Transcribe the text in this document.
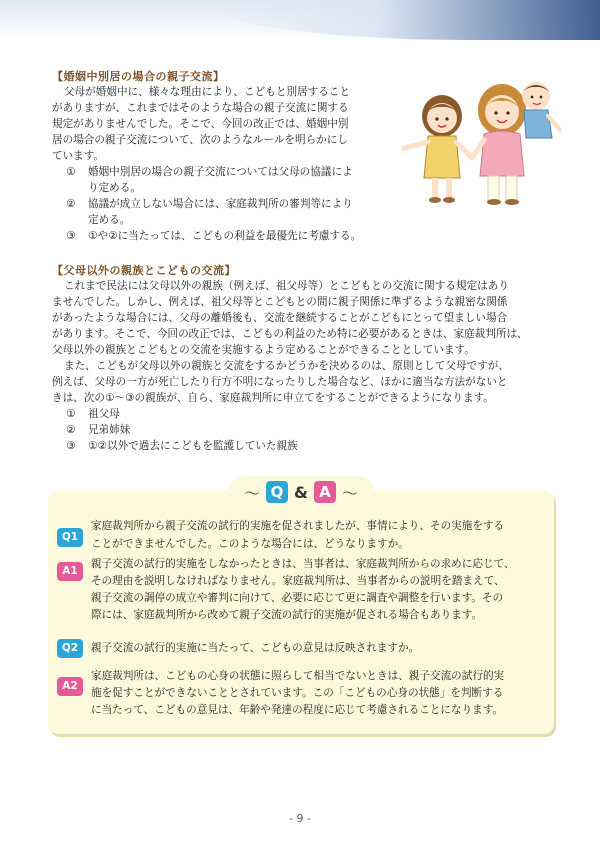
【婚姻中別居の場合の親子交流】
父母が婚姻中に、様々な理由により、こどもと別居すること
がありますが、これまではそのような場合の親子交流に関する
規定がありませんでした。そこで、今回の改正では、婚姻中別
居の場合の親子交流について、次のようなルールを明らかにし
ています。
① 婚姻中別居の場合の親子交流については父母の協議によ
り定める。
② 協議が成立しない場合には、家庭裁判所の審判等により
定める。
③ ①や②に当たっては、こどもの利益を最優先に考慮する。
【父母以外の親族とこどもの交流】
これまで民法には父母以外の親族（例えば、祖父母等）とこどもとの交流に関する規定はあり
ませんでした。しかし、例えば、祖父母等とこどもとの間に親子関係に準ずるような親密な関係
があったような場合には、父母の離婚後も、交流を継続することがこどもにとって望ましい場合
があります。そこで、今回の改正では、こどもの利益のため特に必要があるときは、家庭裁判所は、
父母以外の親族とこどもとの交流を実施するよう定めることができることとしています。
また、こどもが父母以外の親族と交流をするかどうかを決めるのは、原則として父母ですが、
例えば、父母の一方が死亡したり行方不明になったりした場合など、ほかに適当な方法がないと
きは、次の①～③の親族が、自ら、家庭裁判所に申立てをすることができるようになります。
① 祖父母
② 兄弟姉妹
③ ①②以外で過去にこどもを監護していた親族
〜 Q & A 〜
Q1
家庭裁判所から親子交流の試行的実施を促されましたが、事情により、その実施をする
ことができませんでした。このような場合には、どうなりますか。
A1
親子交流の試行的実施をしなかったときは、当事者は、家庭裁判所からの求めに応じて、
その理由を説明しなければなりません。家庭裁判所は、当事者からの説明を踏まえて、
親子交流の調停の成立や審判に向けて、必要に応じて更に調査や調整を行います。その
際には、家庭裁判所から改めて親子交流の試行的実施が促される場合もあります。
Q2	親子交流の試行的実施に当たって、こどもの意見は反映されますか。
A2
家庭裁判所は、こどもの心身の状態に照らして相当でないときは、親子交流の試行的実
施を促すことができないこととされています。この「こどもの心身の状態」を判断する
に当たって、こどもの意見は、年齢や発達の程度に応じて考慮されることになります。
- 9 -
